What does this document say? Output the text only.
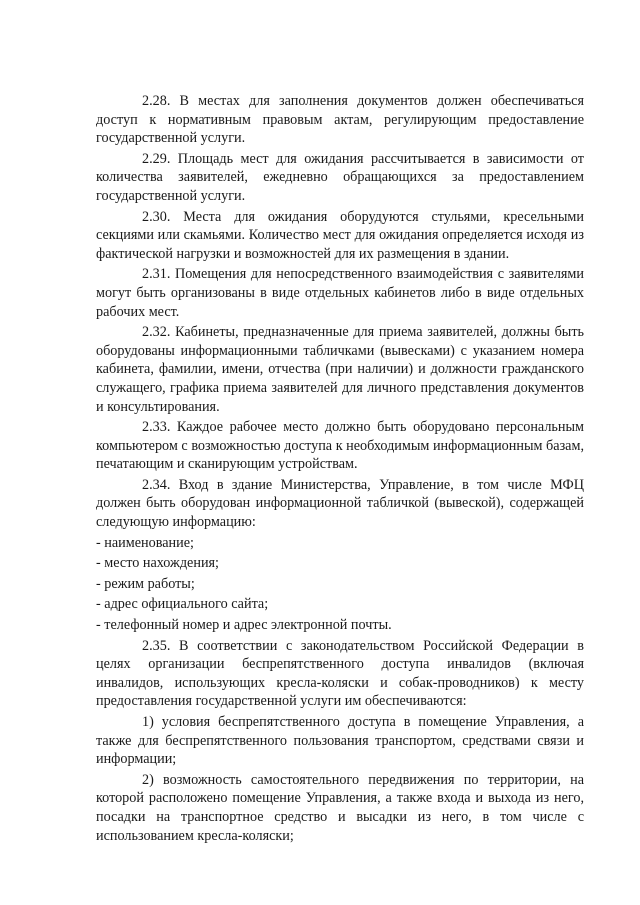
2.28. В местах для заполнения документов должен обеспечиваться доступ к нормативным правовым актам, регулирующим предоставление государственной услуги.

2.29. Площадь мест для ожидания рассчитывается в зависимости от количества заявителей, ежедневно обращающихся за предоставлением государственной услуги.

2.30. Места для ожидания оборудуются стульями, кресельными секциями или скамьями. Количество мест для ожидания определяется исходя из фактической нагрузки и возможностей для их размещения в здании.

2.31. Помещения для непосредственного взаимодействия с заявителями могут быть организованы в виде отдельных кабинетов либо в виде отдельных рабочих мест.

2.32. Кабинеты, предназначенные для приема заявителей, должны быть оборудованы информационными табличками (вывесками) с указанием номера кабинета, фамилии, имени, отчества (при наличии) и должности гражданского служащего, графика приема заявителей для личного представления документов и консультирования.

2.33. Каждое рабочее место должно быть оборудовано персональным компьютером с возможностью доступа к необходимым информационным базам, печатающим и сканирующим устройствам.

2.34. Вход в здание Министерства, Управление, в том числе МФЦ должен быть оборудован информационной табличкой (вывеской), содержащей следующую информацию:

- наименование;

- место нахождения;

- режим работы;

- адрес официального сайта;

- телефонный номер и адрес электронной почты.

2.35. В соответствии с законодательством Российской Федерации в целях организации беспрепятственного доступа инвалидов (включая инвалидов, использующих кресла-коляски и собак-проводников) к месту предоставления государственной услуги им обеспечиваются:

1) условия беспрепятственного доступа в помещение Управления, а также для беспрепятственного пользования транспортом, средствами связи и информации;

2) возможность самостоятельного передвижения по территории, на которой расположено помещение Управления, а также входа и выхода из него, посадки на транспортное средство и высадки из него, в том числе с использованием кресла-коляски;
